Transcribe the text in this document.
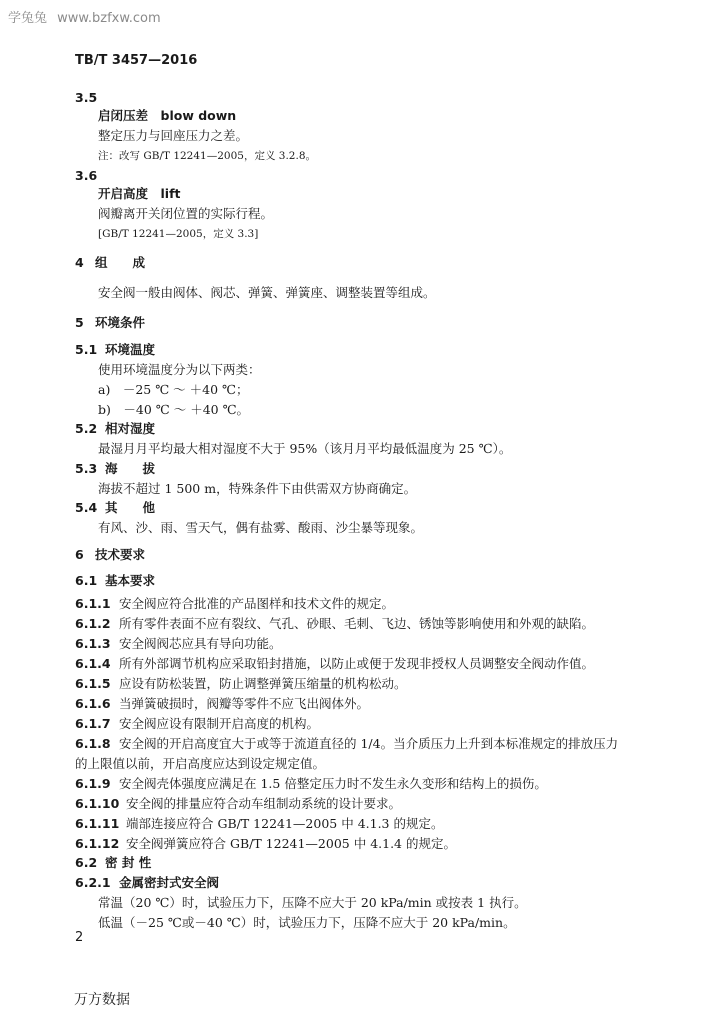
学兔兔 www.bzfxw.com
TB/T 3457—2016
3.5
启闭压差　blow down
整定压力与回座压力之差。
注：改写 GB/T 12241—2005，定义 3.2.8。
3.6
开启高度　lift
阀瓣离开关闭位置的实际行程。
[GB/T 12241—2005，定义 3.3]
4 组　　成
安全阀一般由阀体、阀芯、弹簧、弹簧座、调整装置等组成。
5 环境条件
5.1 环境温度
使用环境温度分为以下两类：
a)　－25 ℃ ～ ＋40 ℃；
b)　－40 ℃ ～ ＋40 ℃。
5.2 相对湿度
最湿月月平均最大相对湿度不大于 95%（该月月平均最低温度为 25 ℃）。
5.3 海　　拔
海拔不超过 1 500 m，特殊条件下由供需双方协商确定。
5.4 其　　他
有风、沙、雨、雪天气，偶有盐雾、酸雨、沙尘暴等现象。
6 技术要求
6.1 基本要求
6.1.1 安全阀应符合批准的产品图样和技术文件的规定。
6.1.2 所有零件表面不应有裂纹、气孔、砂眼、毛刺、飞边、锈蚀等影响使用和外观的缺陷。
6.1.3 安全阀阀芯应具有导向功能。
6.1.4 所有外部调节机构应采取铅封措施，以防止或便于发现非授权人员调整安全阀动作值。
6.1.5 应设有防松装置，防止调整弹簧压缩量的机构松动。
6.1.6 当弹簧破损时，阀瓣等零件不应飞出阀体外。
6.1.7 安全阀应设有限制开启高度的机构。
6.1.8 安全阀的开启高度宜大于或等于流道直径的 1/4。当介质压力上升到本标准规定的排放压力
的上限值以前，开启高度应达到设定规定值。
6.1.9 安全阀壳体强度应满足在 1.5 倍整定压力时不发生永久变形和结构上的损伤。
6.1.10 安全阀的排量应符合动车组制动系统的设计要求。
6.1.11 端部连接应符合 GB/T 12241—2005 中 4.1.3 的规定。
6.1.12 安全阀弹簧应符合 GB/T 12241—2005 中 4.1.4 的规定。
6.2 密 封 性
6.2.1 金属密封式安全阀
常温（20 ℃）时，试验压力下，压降不应大于 20 kPa/min 或按表 1 执行。
低温（－25 ℃或－40 ℃）时，试验压力下，压降不应大于 20 kPa/min。
2
万方数据
